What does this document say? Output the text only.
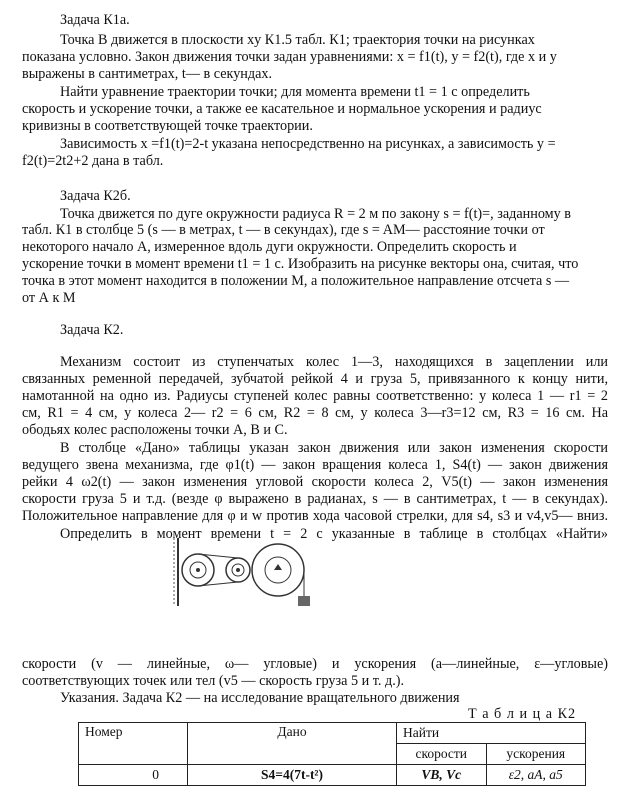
Задача К1а.
Точка В движется в плоскости xу К1.5 табл. К1; траектория точки на рисунках
показана условно. Закон движения точки задан уравнениями: x = f1(t), y = f2(t), где х и у
выражены в сантиметрах, t— в секундах.
Найти уравнение траектории точки; для момента времени t1 = 1 с определить
скорость и ускорение точки, а также ее касательное и нормальное ускорения и радиус
кривизны в соответствующей точке траектории.
Зависимость x =f1(t)=2-t указана непосредственно на рисунках, а зависимость у =
f2(t)=2t2+2 дана в табл.
Задача К2б.
Точка движется по дуге окружности радиуса R = 2 м по закону s = f(t)=, заданному в
табл. К1 в столбце 5 (s — в метрах, t — в секундах), где s = AM— расстояние точки от
некоторого начало А, измеренное вдоль дуги окружности. Определить скорость и
ускорение точки в момент времени t1 = 1 с. Изобразить на рисунке векторы она, считая, что
точка в этот момент находится в положении М, а положительное направление отсчета s —
от А к М
Задача К2.
Механизм состоит из ступенчатых колес 1—3, находящихся в зацеплении или
связанных ременной передачей, зубчатой рейкой 4 и груза 5, привязанного к концу нити,
намотанной на одно из. Радиусы ступеней колес равны соответственно: у колеса 1 — r1 = 2
см, R1 = 4 см, у колеса 2— r2 = 6 см, R2 = 8 см, у колеса 3—r3=12 см, R3 = 16 см. На
ободьях колес расположены точки А, В и С.
В столбце «Дано» таблицы указан закон движения или закон изменения скорости
ведущего звена механизма, где φ1(t) — закон вращения колеса 1, S4(t) — закон движения
рейки 4 ω2(t) — закон изменения угловой скорости колеса 2, V5(t) — закон изменения
скорости груза 5 и т.д. (везде φ выражено в радианах, s — в сантиметрах, t — в секундах).
Положительное направление для φ и w против хода часовой стрелки, для s4, s3 и v4,v5— вниз.
Определить в момент времени t = 2 с указанные в таблице в столбцах «Найти»
скорости (v — линейные, ω— угловые) и ускорения (а—линейные, ε—угловые)
соответствующих точек или тел (v5 — скорость груза 5 и т. д.).
Указания. Задача К2 — на исследование вращательного движения
Т а б л и ц а К2
Номер	Дано	Найти	
		скорости	ускорения
0	S4=4(7t-t²)	VB, Vc	ε2, aA, a5
